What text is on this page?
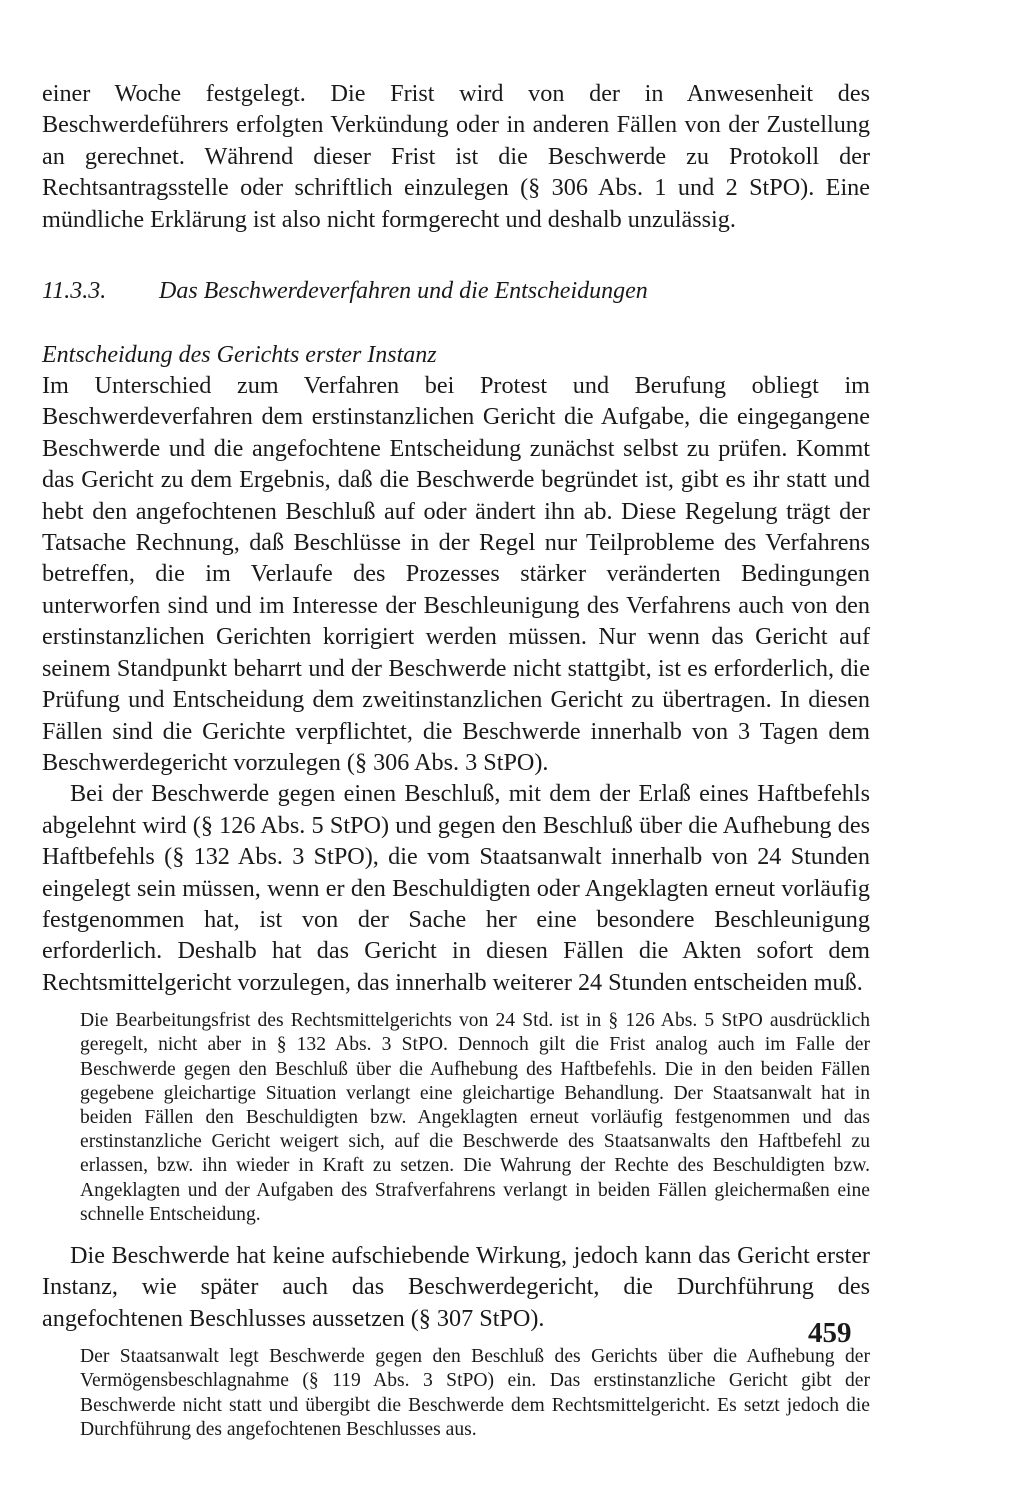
einer Woche festgelegt. Die Frist wird von der in Anwesenheit des Beschwerdeführers erfolgten Verkündung oder in anderen Fällen von der Zustellung an gerechnet. Während dieser Frist ist die Beschwerde zu Protokoll der Rechtsantragsstelle oder schriftlich einzulegen (§ 306 Abs. 1 und 2 StPO). Eine mündliche Erklärung ist also nicht formgerecht und deshalb unzulässig.

11.3.3.	Das Beschwerdeverfahren und die Entscheidungen
Entscheidung des Gerichts erster Instanz

Im Unterschied zum Verfahren bei Protest und Berufung obliegt im Beschwerdeverfahren dem erstinstanzlichen Gericht die Aufgabe, die eingegangene Beschwerde und die angefochtene Entscheidung zunächst selbst zu prüfen. Kommt das Gericht zu dem Ergebnis, daß die Beschwerde begründet ist, gibt es ihr statt und hebt den angefochtenen Beschluß auf oder ändert ihn ab. Diese Regelung trägt der Tatsache Rechnung, daß Beschlüsse in der Regel nur Teilprobleme des Verfahrens betreffen, die im Verlaufe des Prozesses stärker veränderten Bedingungen unterworfen sind und im Interesse der Beschleunigung des Verfahrens auch von den erstinstanzlichen Gerichten korrigiert werden müssen. Nur wenn das Gericht auf seinem Standpunkt beharrt und der Beschwerde nicht stattgibt, ist es erforderlich, die Prüfung und Entscheidung dem zweitinstanzlichen Gericht zu übertragen. In diesen Fällen sind die Gerichte verpflichtet, die Beschwerde innerhalb von 3 Tagen dem Beschwerdegericht vorzulegen (§ 306 Abs. 3 StPO).

Bei der Beschwerde gegen einen Beschluß, mit dem der Erlaß eines Haftbefehls abgelehnt wird (§ 126 Abs. 5 StPO) und gegen den Beschluß über die Aufhebung des Haftbefehls (§ 132 Abs. 3 StPO), die vom Staatsanwalt innerhalb von 24 Stunden eingelegt sein müssen, wenn er den Beschuldigten oder Angeklagten erneut vorläufig festgenommen hat, ist von der Sache her eine besondere Beschleunigung erforderlich. Deshalb hat das Gericht in diesen Fällen die Akten sofort dem Rechtsmittelgericht vorzulegen, das innerhalb weiterer 24 Stunden entscheiden muß.

Die Bearbeitungsfrist des Rechtsmittelgerichts von 24 Std. ist in § 126 Abs. 5 StPO ausdrücklich geregelt, nicht aber in § 132 Abs. 3 StPO. Dennoch gilt die Frist analog auch im Falle der Beschwerde gegen den Beschluß über die Aufhebung des Haftbefehls. Die in den beiden Fällen gegebene gleichartige Situation verlangt eine gleichartige Behandlung. Der Staatsanwalt hat in beiden Fällen den Beschuldigten bzw. Angeklagten erneut vorläufig festgenommen und das erstinstanzliche Gericht weigert sich, auf die Beschwerde des Staatsanwalts den Haftbefehl zu erlassen, bzw. ihn wieder in Kraft zu setzen. Die Wahrung der Rechte des Beschuldigten bzw. Angeklagten und der Aufgaben des Strafverfahrens verlangt in beiden Fällen gleichermaßen eine schnelle Entscheidung.

Die Beschwerde hat keine aufschiebende Wirkung, jedoch kann das Gericht erster Instanz, wie später auch das Beschwerdegericht, die Durchführung des angefochtenen Beschlusses aussetzen (§ 307 StPO).

Der Staatsanwalt legt Beschwerde gegen den Beschluß des Gerichts über die Aufhebung der Vermögensbeschlagnahme (§ 119 Abs. 3 StPO) ein. Das erstinstanzliche Gericht gibt der Beschwerde nicht statt und übergibt die Beschwerde dem Rechtsmittelgericht. Es setzt jedoch die Durchführung des angefochtenen Beschlusses aus.

459
